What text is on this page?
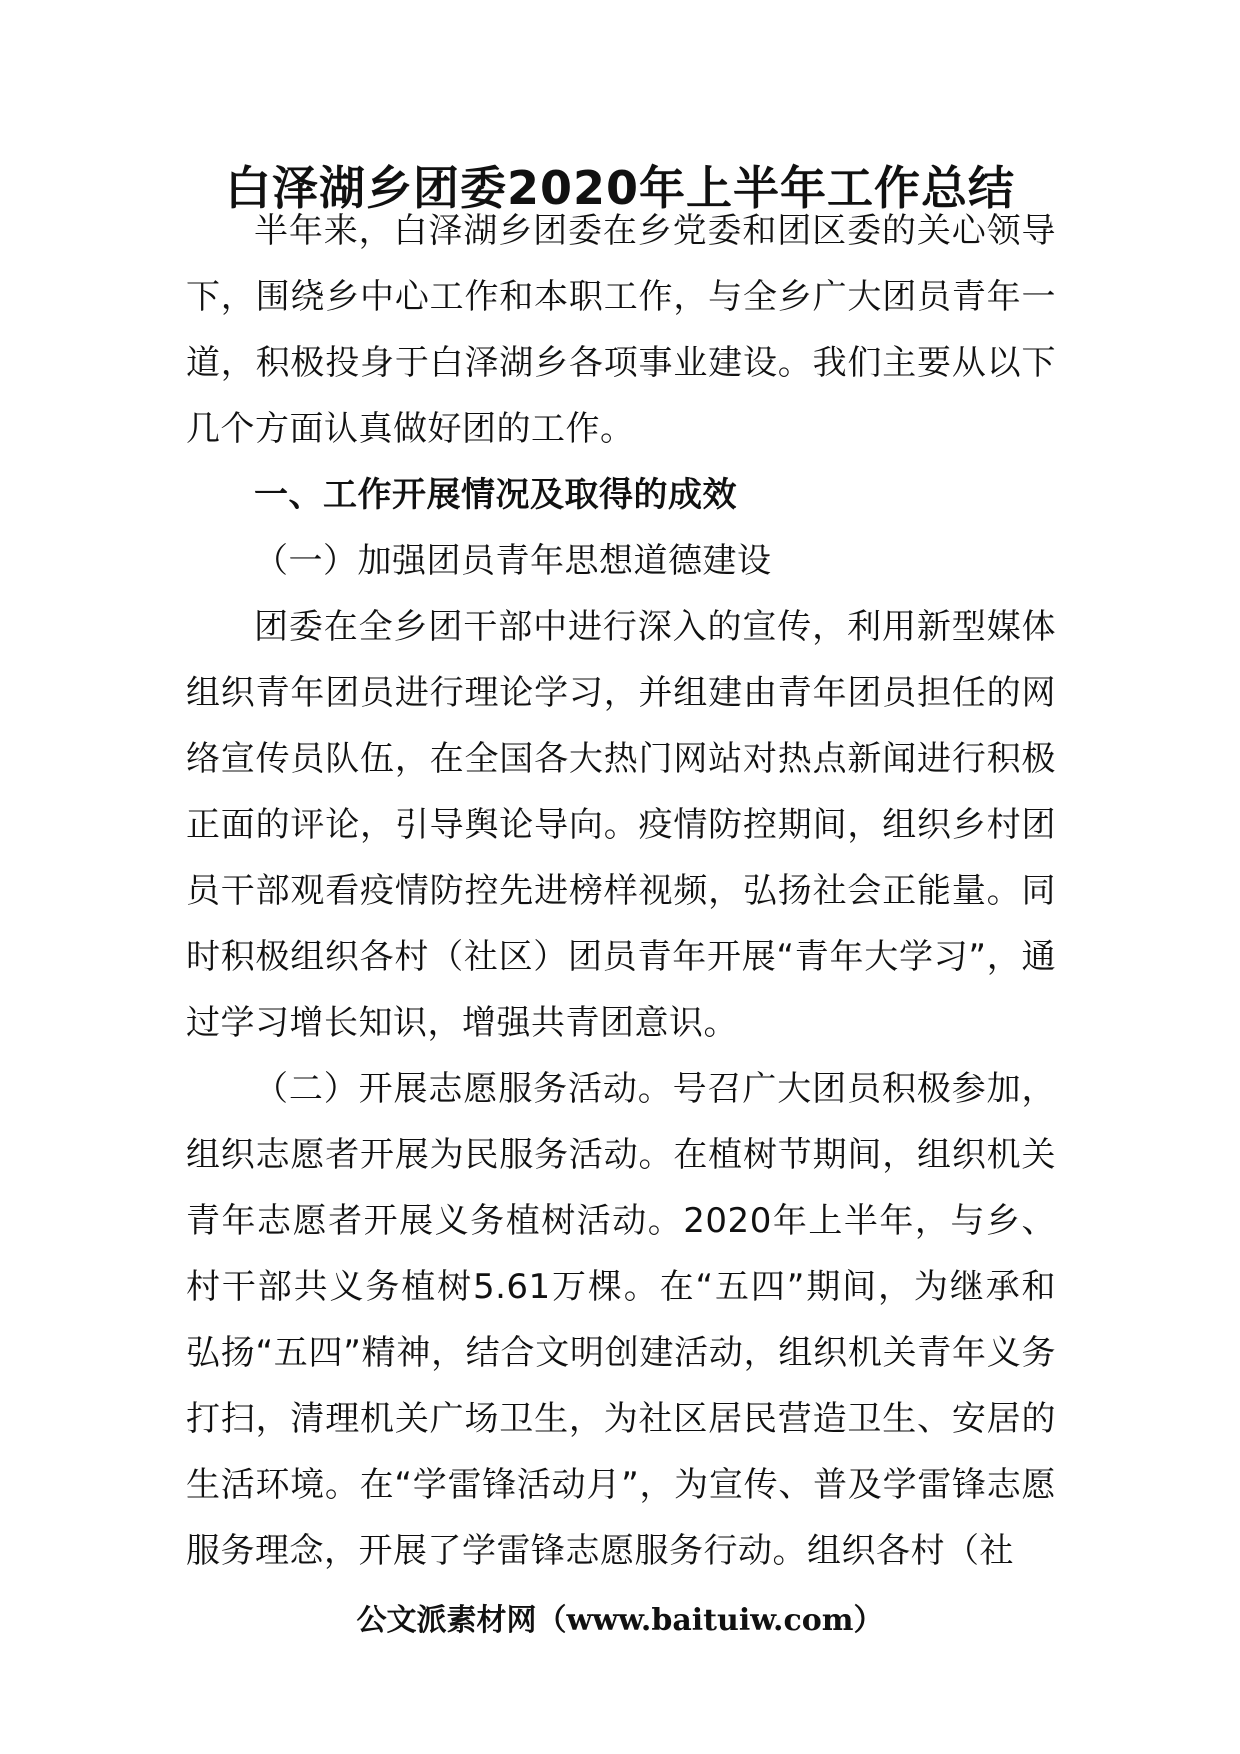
白泽湖乡团委2020年上半年工作总结

半年来，白泽湖乡团委在乡党委和团区委的关心领导下，围绕乡中心工作和本职工作，与全乡广大团员青年一道，积极投身于白泽湖乡各项事业建设。我们主要从以下几个方面认真做好团的工作。

一、工作开展情况及取得的成效

（一）加强团员青年思想道德建设

团委在全乡团干部中进行深入的宣传，利用新型媒体组织青年团员进行理论学习，并组建由青年团员担任的网络宣传员队伍，在全国各大热门网站对热点新闻进行积极正面的评论，引导舆论导向。疫情防控期间，组织乡村团员干部观看疫情防控先进榜样视频，弘扬社会正能量。同时积极组织各村（社区）团员青年开展“青年大学习”，通过学习增长知识，增强共青团意识。

（二）开展志愿服务活动。号召广大团员积极参加，组织志愿者开展为民服务活动。在植树节期间，组织机关青年志愿者开展义务植树活动。2020年上半年，与乡、村干部共义务植树5.61万棵。在“五四”期间，为继承和弘扬“五四”精神，结合文明创建活动，组织机关青年义务打扫，清理机关广场卫生，为社区居民营造卫生、安居的生活环境。在“学雷锋活动月”，为宣传、普及学雷锋志愿服务理念，开展了学雷锋志愿服务行动。组织各村（社

公文派素材网（www.baituiw.com）
